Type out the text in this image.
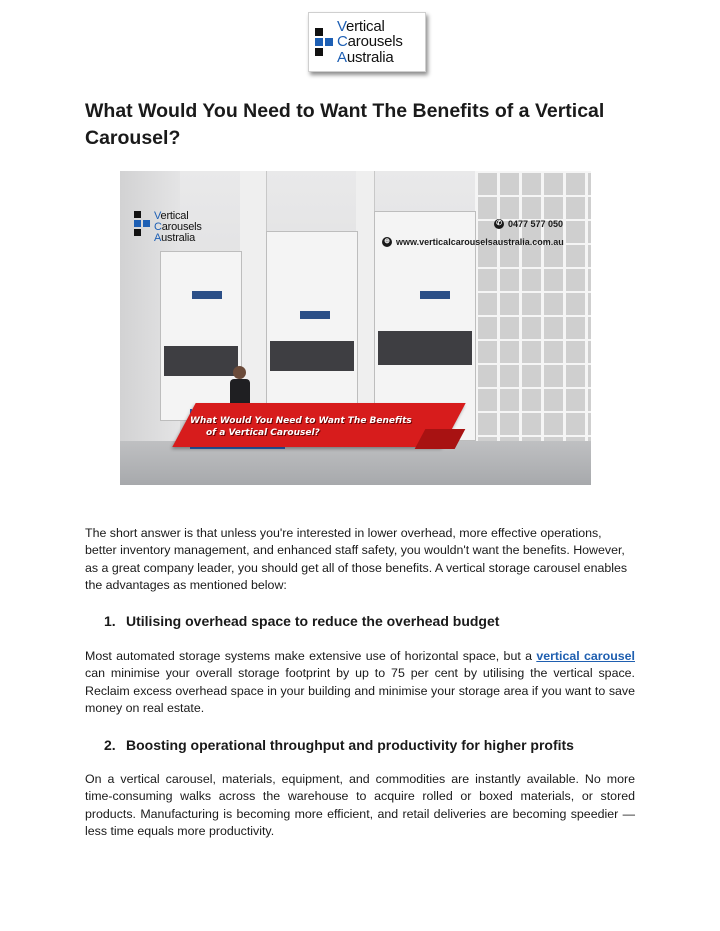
Vertical
Carousels
Australia
What Would You Need to Want The Benefits of a Vertical Carousel?
Vertical
Carousels
Australia
✆ 0477 577 050
⊕ www.verticalcarouselsaustralia.com.au
What Would You Need to Want The Benefits
of a Vertical Carousel?

The short answer is that unless you're interested in lower overhead, more effective operations, better inventory management, and enhanced staff safety, you wouldn't want the benefits. However, as a great company leader, you should get all of those benefits. A vertical storage carousel enables the advantages as mentioned below:

1. Utilising overhead space to reduce the overhead budget

Most automated storage systems make extensive use of horizontal space, but a vertical carousel can minimise your overall storage footprint by up to 75 per cent by utilising the vertical space. Reclaim excess overhead space in your building and minimise your storage area if you want to save money on real estate.

2. Boosting operational throughput and productivity for higher profits

On a vertical carousel, materials, equipment, and commodities are instantly available. No more time-consuming walks across the warehouse to acquire rolled or boxed materials, or stored products. Manufacturing is becoming more efficient, and retail deliveries are becoming speedier — less time equals more productivity.
